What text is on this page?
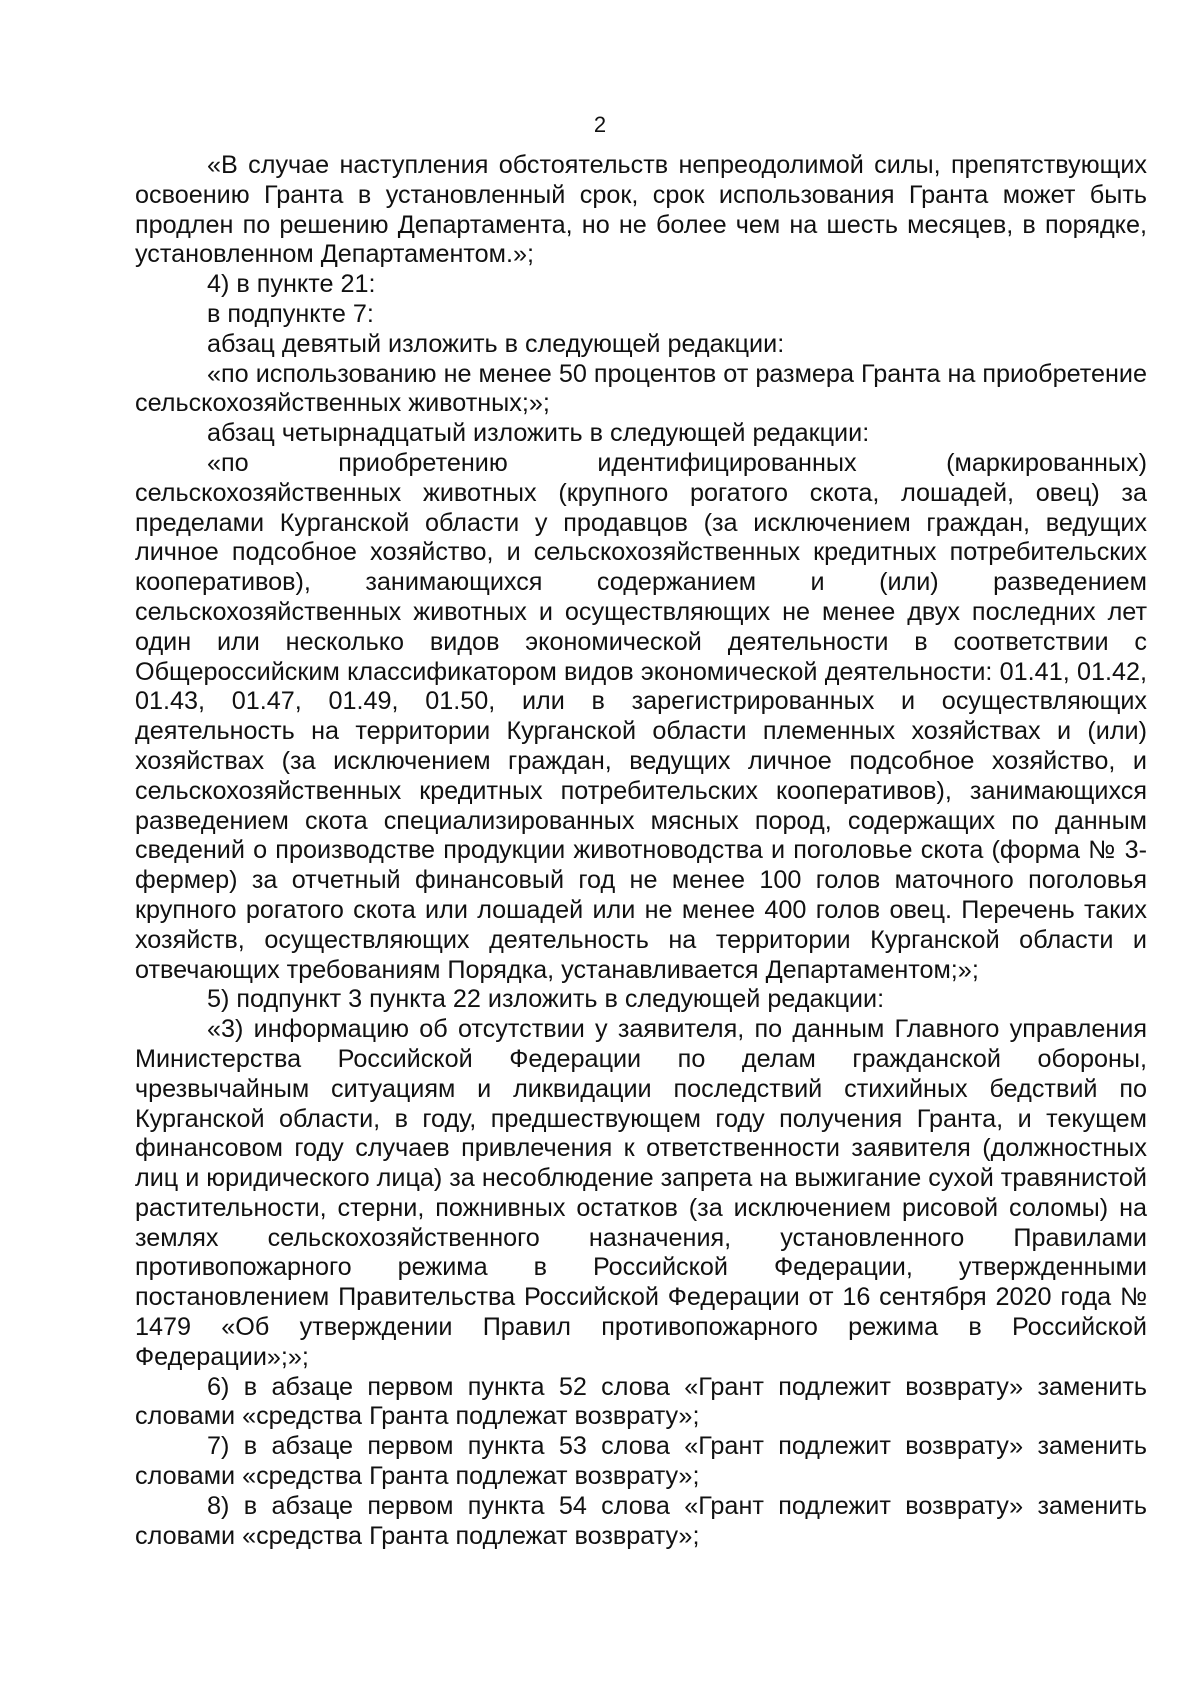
2

«В случае наступления обстоятельств непреодолимой силы, препятствующих освоению Гранта в установленный срок, срок использования Гранта может быть продлен по решению Департамента, но не более чем на шесть месяцев, в порядке, установленном Департаментом.»;

4) в пункте 21:

в подпункте 7:

абзац девятый изложить в следующей редакции:

«по использованию не менее 50 процентов от размера Гранта на приобретение сельскохозяйственных животных;»;

абзац четырнадцатый изложить в следующей редакции:

«по приобретению идентифицированных (маркированных) сельскохозяйственных животных (крупного рогатого скота, лошадей, овец) за пределами Курганской области у продавцов (за исключением граждан, ведущих личное подсобное хозяйство, и сельскохозяйственных кредитных потребительских кооперативов), занимающихся содержанием и (или) разведением сельскохозяйственных животных и осуществляющих не менее двух последних лет один или несколько видов экономической деятельности в соответствии с Общероссийским классификатором видов экономической деятельности: 01.41, 01.42, 01.43, 01.47, 01.49, 01.50, или в зарегистрированных и осуществляющих деятельность на территории Курганской области племенных хозяйствах и (или) хозяйствах (за исключением граждан, ведущих личное подсобное хозяйство, и сельскохозяйственных кредитных потребительских кооперативов), занимающихся разведением скота специализированных мясных пород, содержащих по данным сведений о производстве продукции животноводства и поголовье скота (форма № 3-фермер) за отчетный финансовый год не менее 100 голов маточного поголовья крупного рогатого скота или лошадей или не менее 400 голов овец. Перечень таких хозяйств, осуществляющих деятельность на территории Курганской области и отвечающих требованиям Порядка, устанавливается Департаментом;»;

5) подпункт 3 пункта 22 изложить в следующей редакции:

«3) информацию об отсутствии у заявителя, по данным Главного управления Министерства Российской Федерации по делам гражданской обороны, чрезвычайным ситуациям и ликвидации последствий стихийных бедствий по Курганской области, в году, предшествующем году получения Гранта, и текущем финансовом году случаев привлечения к ответственности заявителя (должностных лиц и юридического лица) за несоблюдение запрета на выжигание сухой травянистой растительности, стерни, пожнивных остатков (за исключением рисовой соломы) на землях сельскохозяйственного назначения, установленного Правилами противопожарного режима в Российской Федерации, утвержденными постановлением Правительства Российской Федерации от 16 сентября 2020 года № 1479 «Об утверждении Правил противопожарного режима в Российской Федерации»;»;

6) в абзаце первом пункта 52 слова «Грант подлежит возврату» заменить словами «средства Гранта подлежат возврату»;

7) в абзаце первом пункта 53 слова «Грант подлежит возврату» заменить словами «средства Гранта подлежат возврату»;

8) в абзаце первом пункта 54 слова «Грант подлежит возврату» заменить словами «средства Гранта подлежат возврату»;
